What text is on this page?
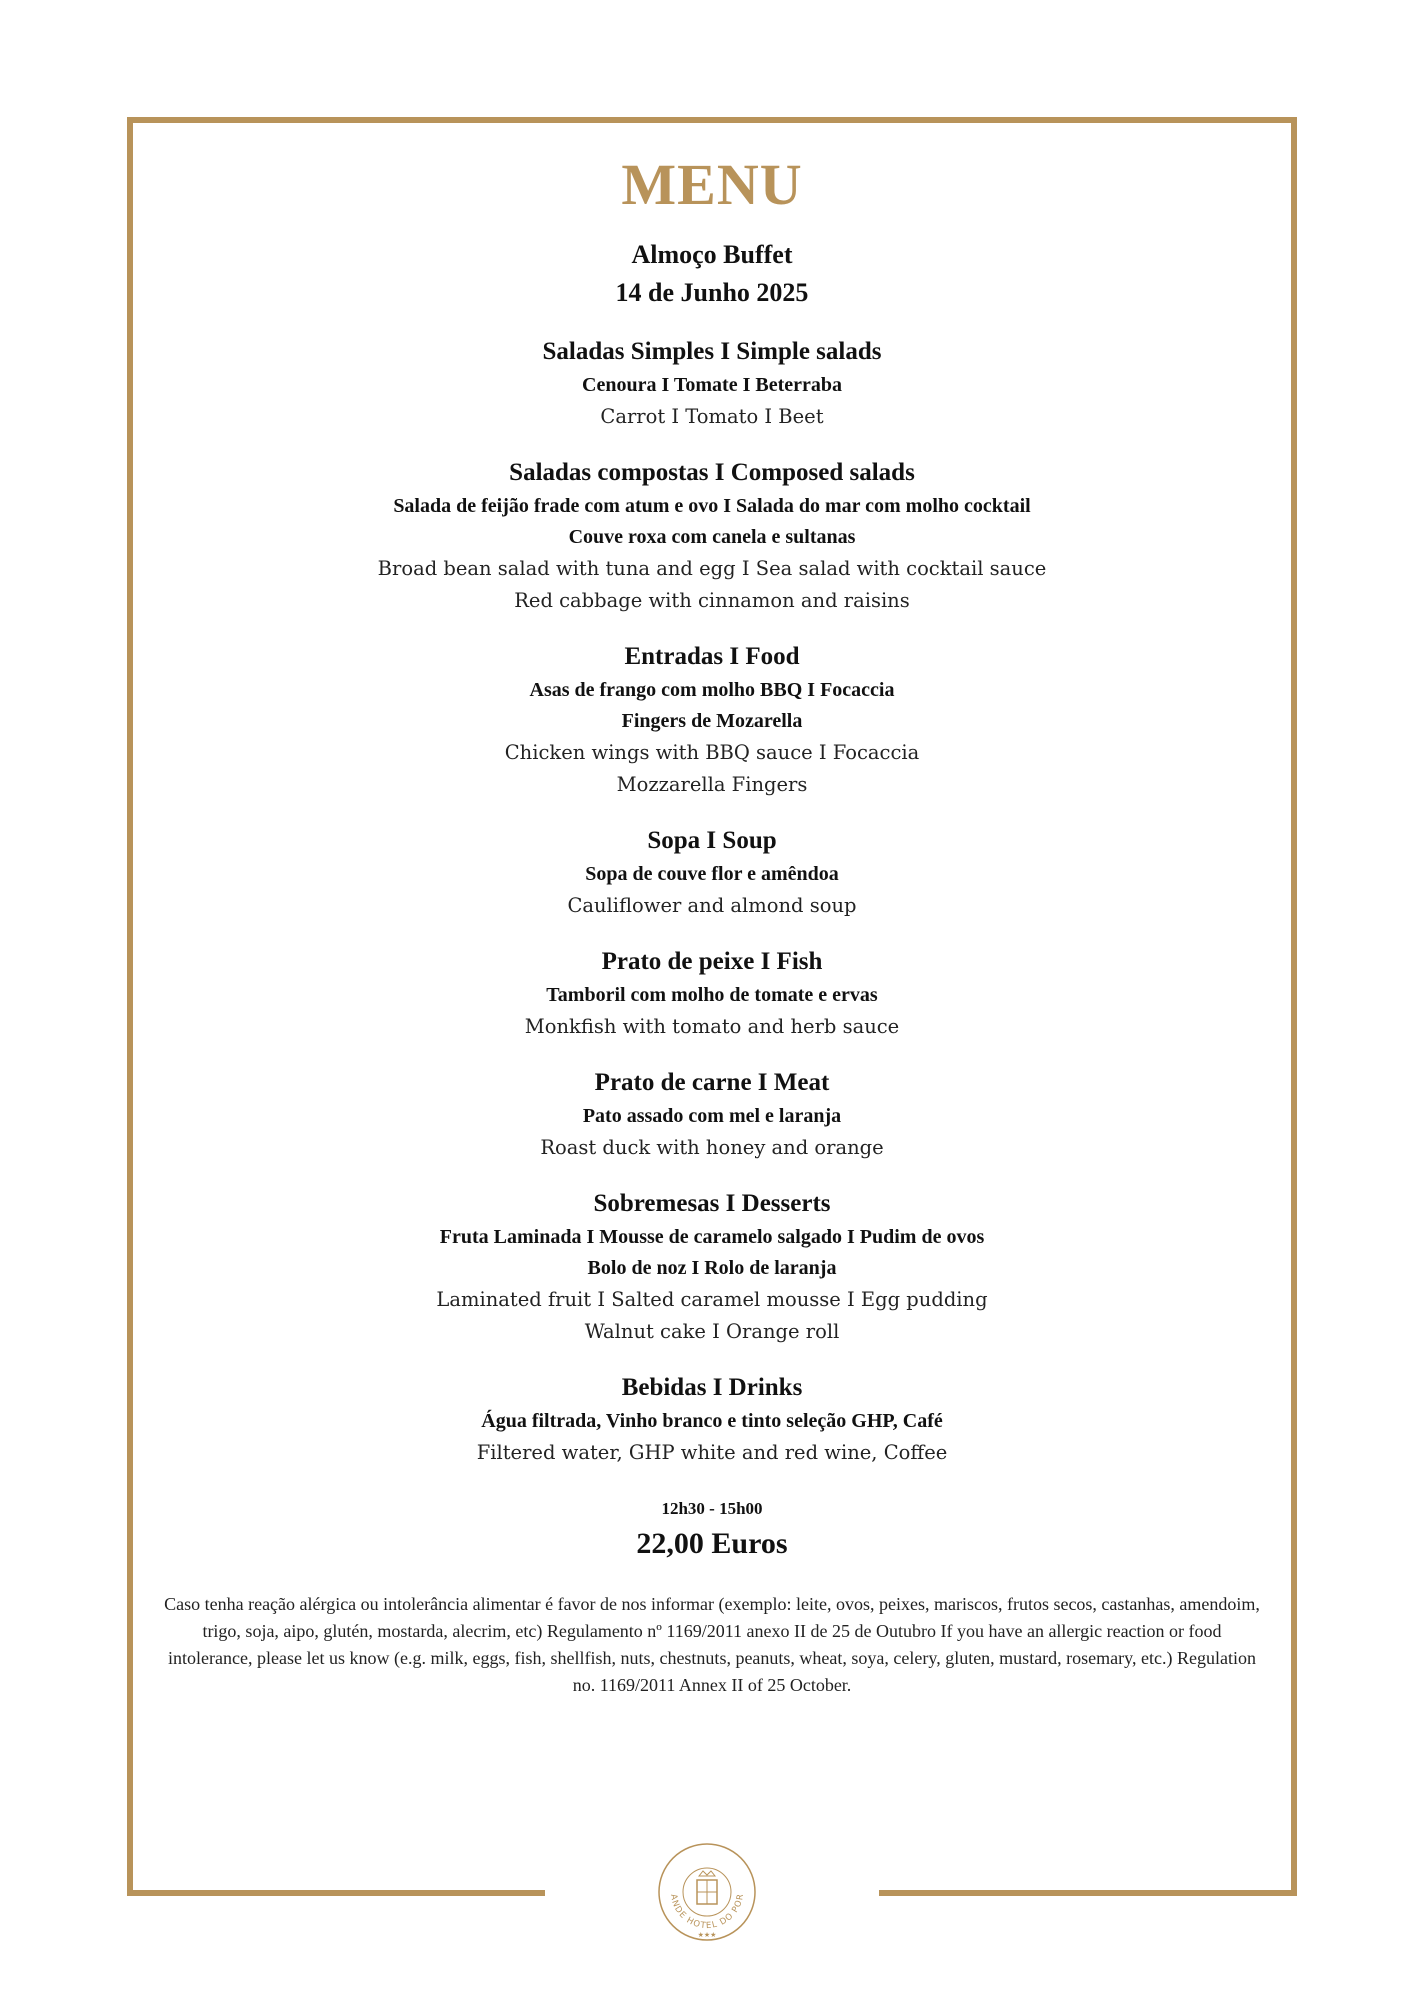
MENU
Almoço Buffet
14 de Junho 2025
Saladas Simples I Simple salads
Cenoura I Tomate I Beterraba
Carrot I Tomato I Beet
Saladas compostas I Composed salads
Salada de feijão frade com atum e ovo I Salada do mar com molho cocktail
Couve roxa com canela e sultanas
Broad bean salad with tuna and egg I Sea salad with cocktail sauce
Red cabbage with cinnamon and raisins
Entradas I Food
Asas de frango com molho BBQ I Focaccia
Fingers de Mozarella
Chicken wings with BBQ sauce I Focaccia
Mozzarella Fingers
Sopa I Soup
Sopa de couve flor e amêndoa
Cauliflower and almond soup
Prato de peixe I Fish
Tamboril com molho de tomate e ervas
Monkfish with tomato and herb sauce
Prato de carne I Meat
Pato assado com mel e laranja
Roast duck with honey and orange
Sobremesas I Desserts
Fruta Laminada I Mousse de caramelo salgado I Pudim de ovos
Bolo de noz I Rolo de laranja
Laminated fruit I Salted caramel mousse I Egg pudding
Walnut cake I Orange roll
Bebidas I Drinks
Água filtrada, Vinho branco e tinto seleção GHP, Café
Filtered water, GHP white and red wine, Coffee
12h30 - 15h00
22,00 Euros
Caso tenha reação alérgica ou intolerância alimentar é favor de nos informar (exemplo: leite, ovos, peixes, mariscos, frutos secos, castanhas, amendoim, trigo, soja, aipo, glutén, mostarda, alecrim, etc) Regulamento nº 1169/2011 anexo II de 25 de Outubro If you have an allergic reaction or food intolerance, please let us know (e.g. milk, eggs, fish, shellfish, nuts, chestnuts, peanuts, wheat, soya, celery, gluten, mustard, rosemary, etc.) Regulation no. 1169/2011 Annex II of 25 October.
ANDE HOTEL DO POR
★★★
